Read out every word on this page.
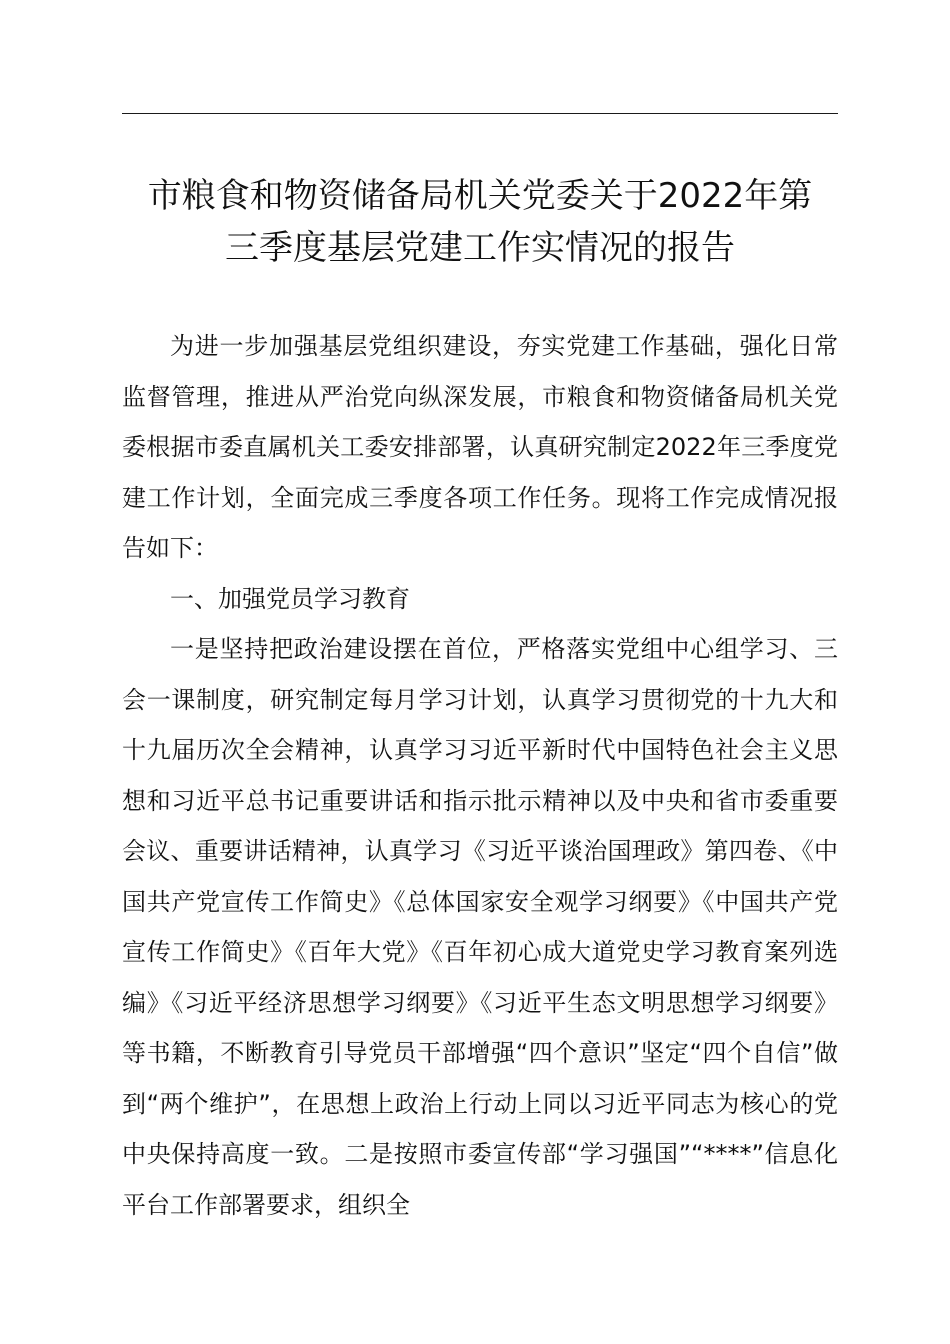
市粮食和物资储备局机关党委关于2022年第
三季度基层党建工作实情况的报告

为进一步加强基层党组织建设，夯实党建工作基础，强化日常监督管理，推进从严治党向纵深发展，市粮食和物资储备局机关党委根据市委直属机关工委安排部署，认真研究制定2022年三季度党建工作计划，全面完成三季度各项工作任务。现将工作完成情况报告如下：

一、加强党员学习教育

一是坚持把政治建设摆在首位，严格落实党组中心组学习、三会一课制度，研究制定每月学习计划，认真学习贯彻党的十九大和十九届历次全会精神，认真学习习近平新时代中国特色社会主义思想和习近平总书记重要讲话和指示批示精神以及中央和省市委重要会议、重要讲话精神，认真学习《习近平谈治国理政》第四卷、《中国共产党宣传工作简史》《总体国家安全观学习纲要》《中国共产党宣传工作简史》《百年大党》《百年初心成大道党史学习教育案列选编》《习近平经济思想学习纲要》《习近平生态文明思想学习纲要》等书籍，不断教育引导党员干部增强“四个意识”坚定“四个自信”做到“两个维护”，在思想上政治上行动上同以习近平同志为核心的党中央保持高度一致。二是按照市委宣传部“学习强国”“****”信息化平台工作部署要求，组织全
